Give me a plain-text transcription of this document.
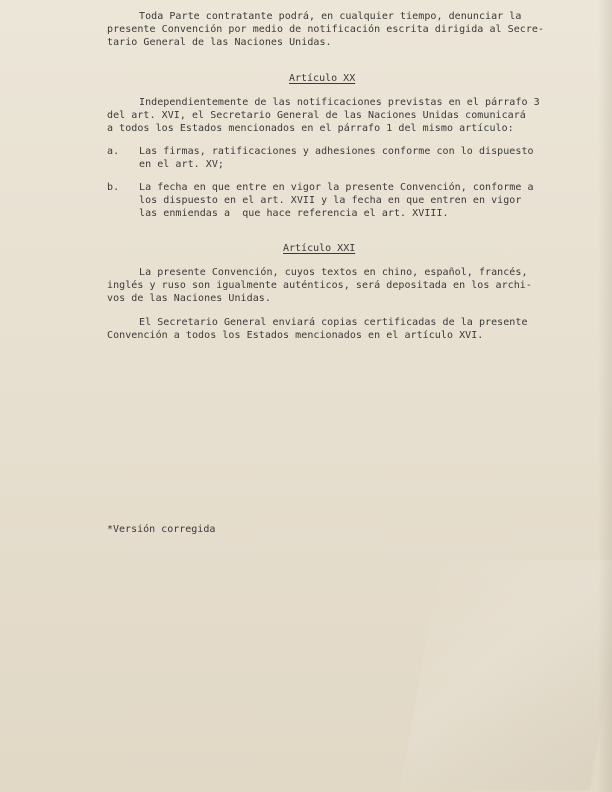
Toda Parte contratante podrá, en cualquier tiempo, denunciar la
presente Convención por medio de notificación escrita dirigida al Secre-
tario General de las Naciones Unidas.
Artículo XX
Independientemente de las notificaciones previstas en el párrafo 3
del art. XVI, el Secretario General de las Naciones Unidas comunicará
a todos los Estados mencionados en el párrafo 1 del mismo artículo:
a. Las firmas, ratificaciones y adhesiones conforme con lo dispuesto
en el art. XV;
b. La fecha en que entre en vigor la presente Convención, conforme a
los dispuesto en el art. XVII y la fecha en que entren en vigor
las enmiendas a  que hace referencia el art. XVIII.
Artículo XXI
La presente Convención, cuyos textos en chino, español, francés,
inglés y ruso son igualmente auténticos, será depositada en los archi-
vos de las Naciones Unidas.
El Secretario General enviará copias certificadas de la presente
Convención a todos los Estados mencionados en el artículo XVI.
*Versión corregida
